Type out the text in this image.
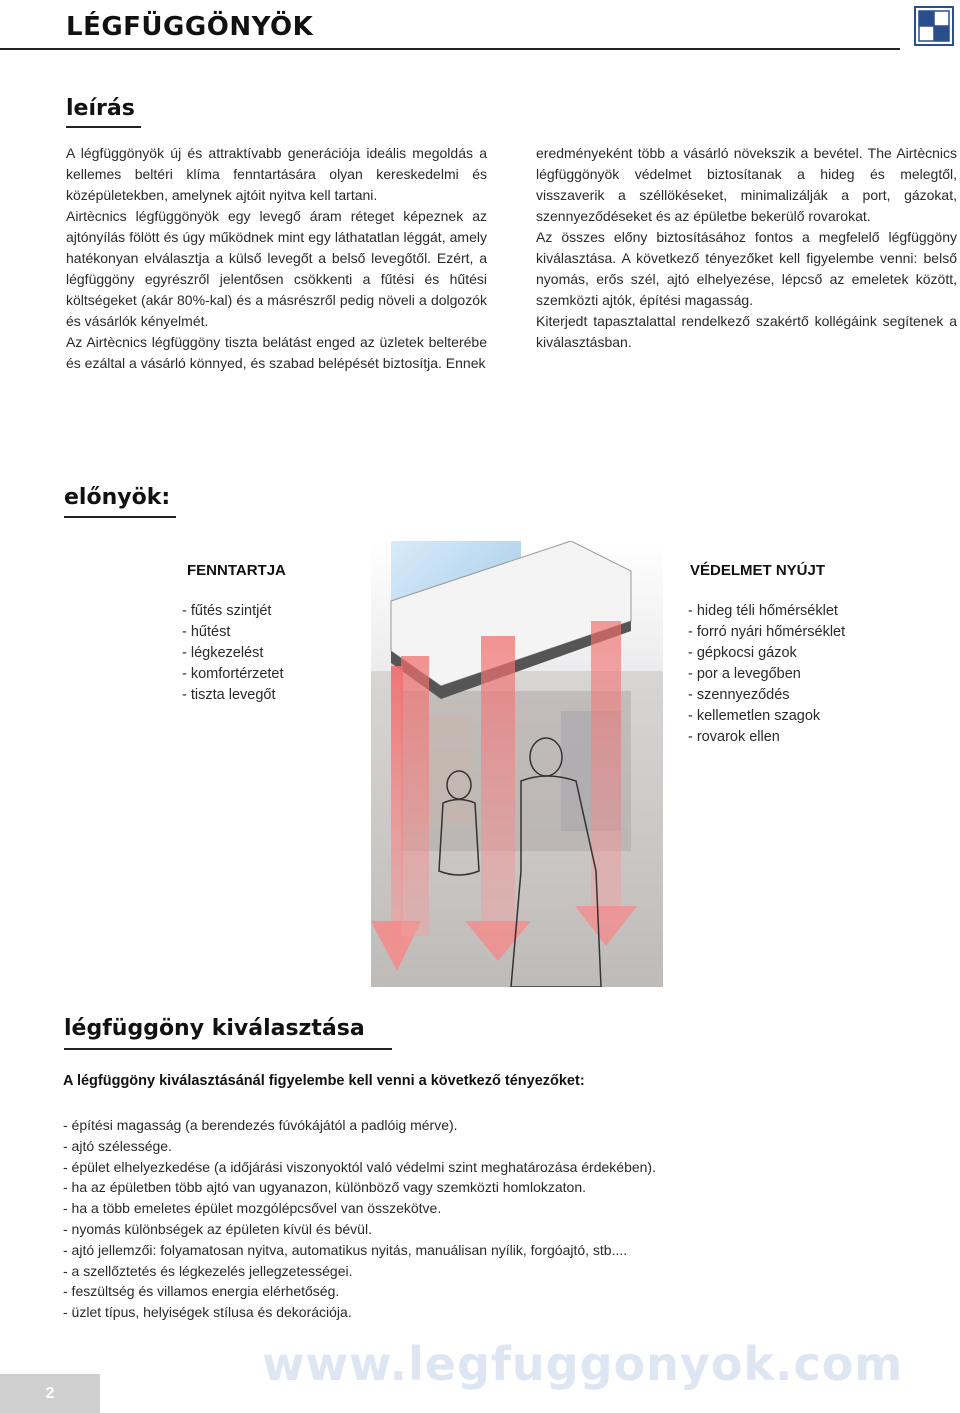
LÉGFÜGGÖNYÖK
leírás

A légfüggönyök új és attraktívabb generációja ideális megoldás a kellemes beltéri klíma fenntartására olyan kereskedelmi és középületekben, amelynek ajtóit nyitva kell tartani.

Airtècnics légfüggönyök egy levegő áram réteget képeznek az ajtónyílás fölött és úgy működnek mint egy láthatatlan léggát, amely hatékonyan elválasztja a külső levegőt a belső levegőtől. Ezért, a légfüggöny egyrészről jelentősen csökkenti a fűtési és hűtési költségeket (akár 80%-kal) és a másrészről pedig növeli a dolgozók és vásárlók kényelmét.

Az Airtècnics légfüggöny tiszta belátást enged az üzletek belterébe és ezáltal a vásárló könnyed, és szabad belépését biztosítja. Ennek

eredményeként több a vásárló növekszik a bevétel. The Airtècnics légfüggönyök védelmet biztosítanak a hideg és melegtől, visszaverik a széllökéseket, minimalizálják a port, gázokat, szennyeződéseket és az épületbe bekerülő rovarokat.

Az összes előny biztosításához fontos a megfelelő légfüggöny kiválasztása. A következő tényezőket kell figyelembe venni: belső nyomás, erős szél, ajtó elhelyezése, lépcső az emeletek között, szemközti ajtók, építési magasság.

Kiterjedt tapasztalattal rendelkező szakértő kollégáink segítenek a kiválasztásban.

előnyök:
FENNTARTJA

- fűtés szintjét

- hűtést

- légkezelést

- komfortérzetet

- tiszta levegőt

VÉDELMET NYÚJT

- hideg téli hőmérséklet

- forró nyári hőmérséklet

- gépkocsi gázok

- por a levegőben

- szennyeződés

- kellemetlen szagok

- rovarok ellen

légfüggöny kiválasztása
A légfüggöny kiválasztásánál figyelembe kell venni a következő tényezőket:

- építési magasság (a berendezés fúvókájától a padlóig mérve).

- ajtó szélessége.

- épület elhelyezkedése (a időjárási viszonyoktól való védelmi szint meghatározása érdekében).

- ha az épületben több ajtó van ugyanazon, különböző vagy szemközti homlokzaton.

- ha a több emeletes épület mozgólépcsővel van összekötve.

- nyomás különbségek az épületen kívül és bévül.

- ajtó jellemzői: folyamatosan nyitva, automatikus nyitás, manuálisan nyílik, forgóajtó, stb....

- a szellőztetés és légkezelés jellegzetességei.

- feszültség és villamos energia elérhetőség.

- üzlet típus, helyiségek stílusa és dekorációja.

www.legfuggonyok.com
2
